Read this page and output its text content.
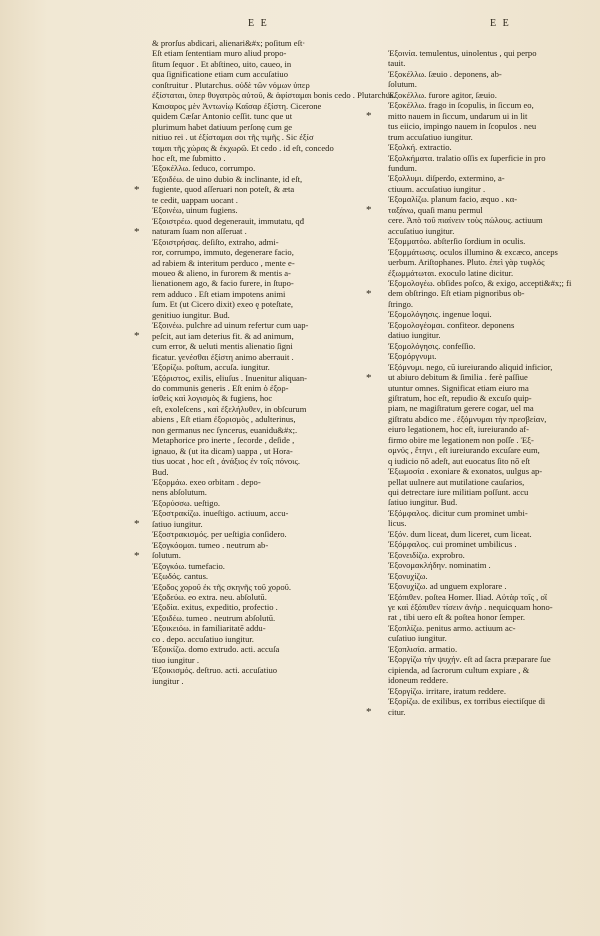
E E	E E
& prorſus abdicari, alienari&#x; poſitum eſt·
Eſt etiam ſententiam muro aliud propo-
ſitum ſequor . Et abſtineo, uito, caueo, in
qua ſignificatione etiam cum accuſatiuo
conſtruitur . Plutarchus. οὐδὲ τῶν νόμων ὑπερ
ἐξίσταται, ὑπερ θυγατρὸς αὐτοῦ, & ἀφίσταμαι bonis cedo . Plutarchus.
Καισαρος μὲν Ἀντωνίῳ Καῖσαρ ἐξίστη. Cicerone
quidem Cæſar Antonio ceſſit. tunc que ut
plurimum habet datiuum perſonę cum ge
nitiuo rei . ut ἐξίσταμαι σοι τῆς τιμῆς . Sic ἐξίσ
ταμαι τῆς χώρας & ἐκχωρῶ. Et cedo . id eſt, concedo
hoc eſt, me ſubmitto .
Ἐξοκέλλω. ſeduco, corrumpo.
* Ἐξοιδέω. de uino dubio & inclinante, id eſt,
fugiente, quod aſſeruari non poteſt, & æta
te cedit, uappam uocant .
Ἐξοινέω, uinum fugiens.
* Ἐξοιστρέω. quod degenerauit, immutatu, qđ
naturam ſuam non aſſeruat .
Ἐξοιστρήσας. deſiſto, extraho, admi-
ror, corrumpo, immuto, degenerare facio,
ad rabiem & interitum perduco , mente e-
moueo & alieno, in furorem & mentis a-
lienationem ago, & facio furere, in ſtupo-
rem adduco . Eſt etiam impotens animi
ſum. Et (ut Cicero dixit) exeo ę poteſtate,
genitiuo iungitur. Bud.
* Ἐξοινέω. pulchre ad uinum refertur cum uap-
peſcit, aut iam deterius fit. & ad animum,
cum error, & ueluti mentis alienatio ſigni
ficatur. γενέσθαι ἐξίστη animo aberrauit .
Ἐξορίζω. poſtum, accuſa. iungitur.
Ἐξόριστος, exilis, eliuſus . Inuenitur aliquan-
do communis generis . Eſt enim ὁ ἐξορ-
ἰσθεὶς καὶ λογισμὸς & fugiens, hoc
eſt, exoleſcens , καὶ ἐξελήλυθεν, in obſcurum
abiens , Eſt etiam ἐξορισμὸς , adulterinus,
non germanus nec ſyncerus, euanidu&#x;.
Metaphorice pro inerte , ſecorde , deſide ,
ignauo, & (ut ita dicam) uappa , ut Hora-
tius uocat , hoc eſt , ἀνάξιος ἐν τοῖς πόνοις.
Bud.
Ἐξορμάω. exeo orbitam . depo-
nens abſolutum.
Ἐξορύσσω. ueſtigo.
* Ἐξοστρακίζω. inueſtigo. actiuum, accu-
ſatiuo iungitur.
Ἐξοστρακισμός. per ueſtigia conſidero.
* Ἐξογκόομαι. tumeo . neutrum ab-
ſolutum.
Ἐξογκόω. tumefacio.
Ἐξωδός. cantus.
Ἐξοδος χοροῦ ἐκ τῆς σκηνῆς τοῦ χοροῦ.
Ἐξοδεύω. eo extra. neu. abſolutū.
Ἐξοδία. exitus, expeditio, profectio .
Ἐξοιδέω. tumeo . neutrum abſolutū.
Ἐξοικειόω. in familiaritatē addu-
co . depo. accuſatiuo iungitur.
Ἐξοικίζω. domo extrudo. acti. accuſa
tiuo iungitur .
Ἐξοικισμός. deſtruo. acti. accuſatiuo
iungitur .
Ἐξοινία. temulentus, uinolentus , qui perpo
tauit.
Ἐξοκέλλω. ſæuio . deponens, ab-
ſolutum.
Ἐξοκέλλω. furore agitor, ſæuio.
* Ἐξοκέλλω. frago in ſcopulis, in ſiccum eo,
mitto nauem in ſiccum, undarum ui in lit
tus eiicio, impingo nauem in ſcopulos . neu
trum accuſatiuo iungitur.
Ἐξολκή. extractio.
Ἐξολκήματα. tralatio oſſis ex ſuperficie in pro
fundum.
Ἐξολλυμι. diſperdo, extermino, a-
ctiuum. accuſatiuo iungitur .
* Ἐξομαλίζω. planum facio, æquo . κα-
ταξάνω, quaſi manu permul
cere. Ἀπὸ τοῦ πιαίνειν τοὺς πώλους. actiuum
accuſatiuo iungitur.
Ἐξομματόω. abſterſio ſordium in oculis.
Ἐξομμάτωσις. oculos illumino & excæco, anceps
uerbum. Ariſtophanes. Pluto. ἐπεὶ γὰρ τυφλός
ἐξωμμάτωται. exoculo latine dicitur.
* Ἐξομολογέω. obſides poſco, & exigo, accepti&#x;; fi
dem obſtringo. Eſt etiam pignoribus ob-
ſtringo.
Ἐξομολόγησις. ingenue loqui.
Ἐξομολογέομαι. confiteor. deponens
datiuo iungitur.
Ἐξομολόγησις. confeſſio.
Ἐξομόργνυμι.
* Ἐξόμνυμι. nego, cū iureiurando aliquid inficior,
ut abiuro debitum & ſimilia . ferè paſſiue
utuntur omnes. Significat etiam eiuro ma
giſtratum, hoc eſt, repudio & excuſo quip-
piam, ne magiſtratum gerere cogar, uel ma
giſtratu abdico me . ἐξόμνυμαι τὴν πρεσβείαν,
eiuro legationem, hoc eſt, iureiurando af-
firmo obire me legationem non poſſe . Ἐξ-
ομνύς , ἔτηνι , eſt iureiurando excuſare eum,
q iudicio nō adeſt, aut euocatus ſito nō eſt
Ἐξωμοσία . exoniare & exonatos, uulgus ap-
pellat uulnere aut mutilatione cauſarios,
qui detrectare iure militiam poſſunt. accu
ſatiuo iungitur. Bud.
Ἐξόμφαλος. dicitur cum prominet umbi-
licus.
Ἐξόν. dum liceat, dum liceret, cum liceat.
Ἐξόμφαλος. cui prominet umbilicus .
Ἐξονειδίζω. exprobro.
Ἐξονομακλήδην. nominatim .
Ἐξονυχίζω.
Ἐξονυχίζω. ad unguem explorare .
Ἐξόπιθεν. poſtea Homer. Iliad. Αὐτὰρ τοῖς , οἳ
γε καὶ ἐξόπιθεν τίσειν ἀνὴρ . nequicquam hono-
rat , tibi uero eſt & poſtea honor ſemper.
Ἐξοπλίζω. penitus armo. actiuum ac-
cuſatiuo iungitur.
Ἐξοπλισία. armatio.
Ἐξοργίζω τὴν ψυχήν. eſt ad ſacra præparare ſue
cipienda, ad ſacrorum cultum expiare , &
idoneum reddere.
Ἐξοργίζω. irritare, iratum reddere.
* Ἐξορίζω. de exilibus, ex torribus eiectiſque di
citur.
